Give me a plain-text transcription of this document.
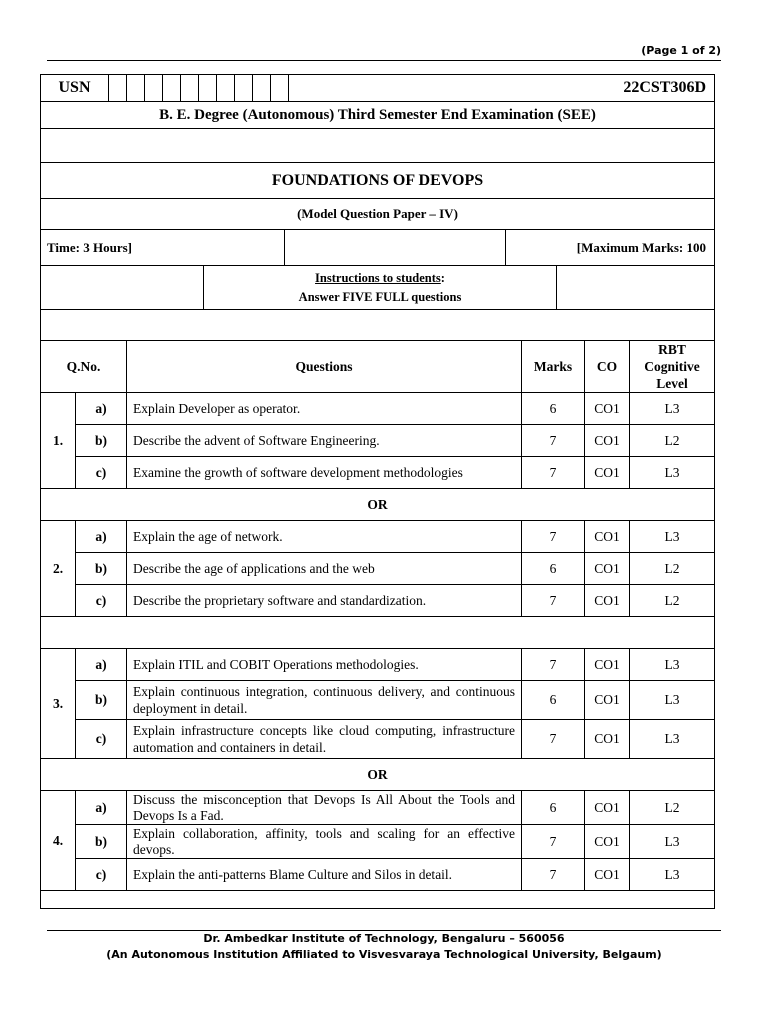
(Page 1 of 2)
USN											22CST306D
B. E. Degree (Autonomous) Third Semester End Examination (SEE)

FOUNDATIONS OF DEVOPS
(Model Question Paper – IV)
Time: 3 Hours]		[Maximum Marks: 100
	Instructions to students:
Answer FIVE FULL questions	

Q.No.		Questions	Marks	CO	RBT
Cognitive
Level
1.	a)	Explain Developer as operator.	6	CO1	L3
	b)	Describe the advent of Software Engineering.	7	CO1	L2
	c)	Examine the growth of software development methodologies	7	CO1	L3
OR					
2.	a)	Explain the age of network.	7	CO1	L3
	b)	Describe the age of applications and the web	6	CO1	L2
	c)	Describe the proprietary software and standardization.	7	CO1	L2

3.	a)	Explain ITIL and COBIT Operations methodologies.	7	CO1	L3
	b)	Explain continuous integration, continuous delivery, and continuous deployment in detail.	6	CO1	L3
	c)	Explain infrastructure concepts like cloud computing, infrastructure automation and containers in detail.	7	CO1	L3
OR					
4.	a)	Discuss the misconception that Devops Is All About the Tools and Devops Is a Fad.	6	CO1	L2
	b)	Explain collaboration, affinity, tools and scaling for an effective devops.	7	CO1	L3
	c)	Explain the anti-patterns Blame Culture and Silos in detail.	7	CO1	L3

Dr. Ambedkar Institute of Technology, Bengaluru – 560056
(An Autonomous Institution Affiliated to Visvesvaraya Technological University, Belgaum)
